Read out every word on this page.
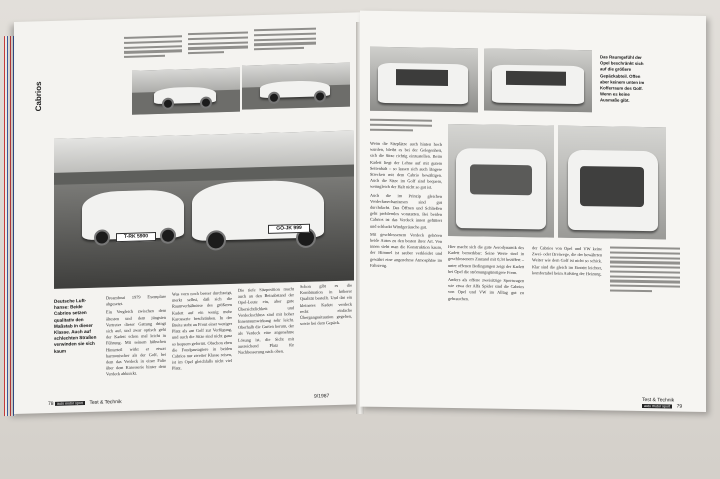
Cabrios
T-RK 5900
GÖ-JK 999
Deutsche Luft-hanse: Beide Cabrios setzen qualitativ den Maßstab in dieser Klasse. Auch auf schlechten Straßen verwinden sie sich kaum

Dreamboat 1979 Exemplare abgesetzt.

Ein Vergleich zwischen dem ältesten und dem jüngsten Vertreter dieser Gattung dringt sich auf, und zwar optisch geht der Kadett schon mal leicht in Führung. Mit seinem hübschen Hinterteil wirkt er etwas harmonischer als der Golf, bei dem das Verdeck in einer Falte über dem Karosserie hinter dem Verdeck abknickt.

Was vorn noch besser durchzeigt, merkt selbst, daß sich die Raumverhältnisse des größeren Kadett auf ein wenig mehr Karosserie beschränken. In der Breite steht an Front einer weniger Platz als am Golf zur Verfügung, und auch die Sitze sind nicht ganz so bequem geformt. Obschon eben die Fondpassagiere in beiden Cabrios nur zweiter Klasse reisen, ist im Opel gleichfalls nicht viel Platz.

Die tiefe Sitzposition macht auch an den Beinabstand der Opel-Leute ein, aber gute Übersichtlichkeit und Verdeckschluss sind mit hoher Innenraumwirkung sehr leicht. Oberhalb die Gurten herum, der als Verdeck eine angenehme Lösung ist, die Sicht mit ausreichend Platz für Nachbesserung nach oben.

Schon gibt es die Kombination in höherer Qualität bestellt. Und das ein kleineres Kadett verdeck recht einfache Übergangssituation gegeben, sowie bei dem Gepäck.

78 auto motor sport Test & Technik
9/1987
Das Raumgefühl der Opel beschränkt sich auf die größere Gepäckabteil. Offen aber keinem unten im Kofferraum des Golf. Wenn es keine Ausmaße gibt.

Wenn die Sitzplätze auch hinten hoch wurden, bleibt es bei der Gelegenheit, sich die Sitze richtig einzustellen. Beim Kadett liegt der Lehne auf mit gutem Seitenhalt – so lassen sich auch längere Strecken mit dem Cabrio bewältigen. Auch die Sitze im Golf sind bequem, wenngleich der Halt nicht so gut ist.

Auch die im Prinzip gleichen Verdeckmechanismen sind gut durchdacht. Das Öffnen und Schließen geht problemlos vonstatten. Bei beiden Cabrios ist das Verdeck innen gefüttert und schluckt Windgeräusche gut.

Mit geschlossenem Verdeck gehören beide Autos zu den besten ihrer Art. Von innen sieht man die Konstruktion kaum, der Himmel ist sauber verkleidet und gewährt eine angenehme Atmosphäre im Fahrzeug.

Hier macht sich die gute Aerodynamik des Kadett bemerkbar: Seine Werte sind in geschlossenem Zustand mit 0,34 beziffert – unter offenen Bedingungen zeigt der Kadett bei Opel die strömungsgünstigere Form.

Anders als offene zweisitzige Sportwagen wie etwa der Alfa Spider sind die Cabrios von Opel und VW im Alltag gut zu gebrauchen.

der Cabrios von Opel und VW keine Zwei- oder Dreiwege, die der bewährten Weiter wie dem Golf ist nicht so schick. Klar sind die gleich im Eintritt leichter, komfortabel beim Aufstieg der Heizung.

Test & Technik auto motor sport 79
